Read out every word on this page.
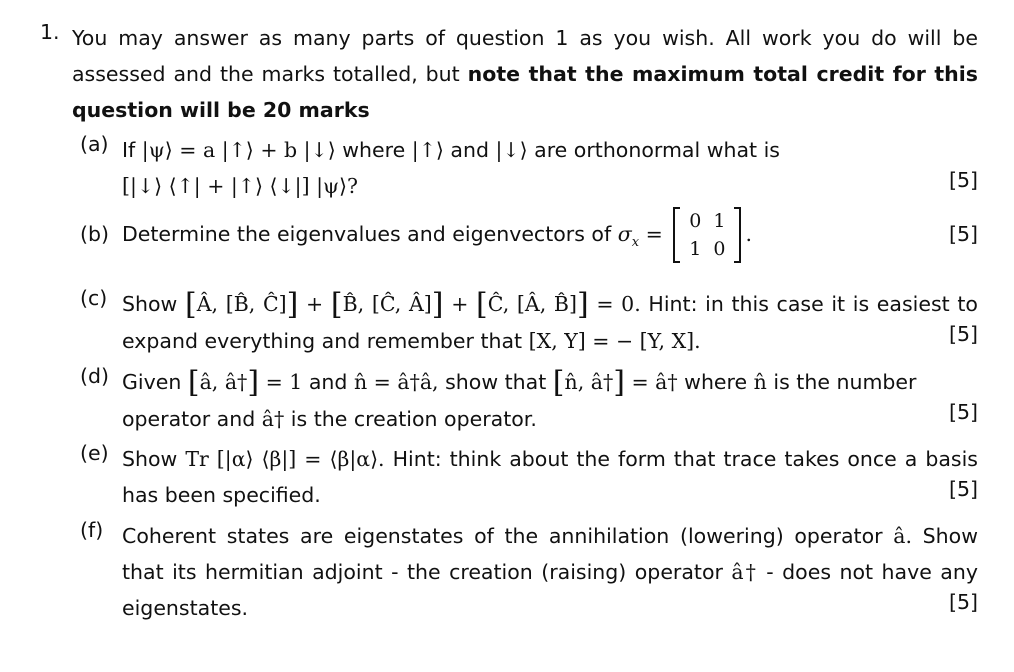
1. You may answer as many parts of question 1 as you wish. All work you do will be assessed and the marks totalled, but note that the maximum total credit for this question will be 20 marks
(a) If |ψ⟩ = a |↑⟩ + b |↓⟩ where |↑⟩ and |↓⟩ are orthonormal what is [|↓⟩ ⟨↑| + |↑⟩ ⟨↓|] |ψ⟩?	[5]
(b) Determine the eigenvalues and eigenvectors of $\sigma_x$ =
0	1
1	0
.	[5]
(c) Show [Â, [B̂, Ĉ]] + [B̂, [Ĉ, Â]] + [Ĉ, [Â, B̂]] = 0. Hint: in this case it is easiest to expand everything and remember that [X, Y] = − [Y, X].	[5]
(d) Given [â, â†] = 1 and n̂ = â†â, show that [n̂, â†] = â† where n̂ is the number operator and â† is the creation operator.	[5]
(e) Show Tr [|α⟩ ⟨β|] = ⟨β|α⟩. Hint: think about the form that trace takes once a basis has been specified.	[5]
(f) Coherent states are eigenstates of the annihilation (lowering) operator â. Show that its hermitian adjoint - the creation (raising) operator â† - does not have any eigenstates.	[5]
